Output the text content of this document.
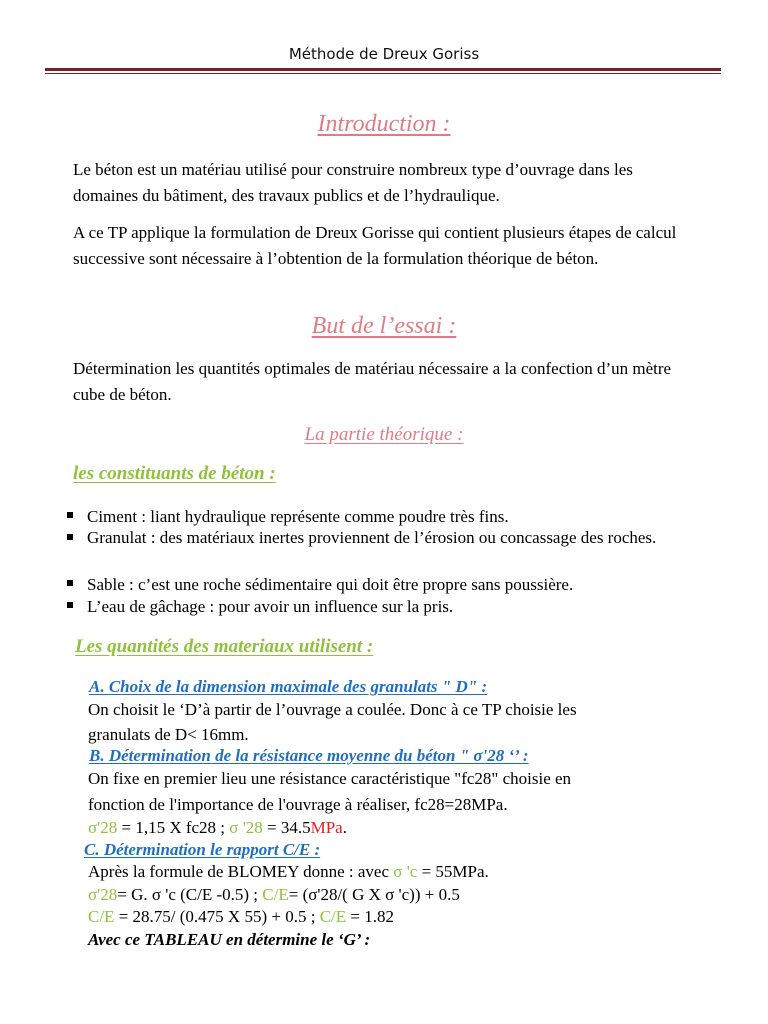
Méthode de Dreux Goriss
Introduction :
Le béton est un matériau utilisé pour construire nombreux type d’ouvrage dans les domaines du bâtiment, des travaux publics et de l’hydraulique.
A ce TP applique la formulation de Dreux Gorisse qui contient plusieurs étapes de calcul successive sont nécessaire à l’obtention de la formulation théorique de béton.
But de l’essai :
Détermination les quantités optimales de matériau nécessaire a la confection d’un mètre cube de béton.
La partie théorique :
les constituants de béton :
Ciment : liant hydraulique représente comme poudre très fins.
Granulat : des matériaux inertes proviennent de l’érosion ou concassage des roches.
Sable : c’est une roche sédimentaire qui doit être propre sans poussière.
L’eau de gâchage : pour avoir un influence sur la pris.
Les quantités des materiaux utilisent :
A. Choix de la dimension maximale des granulats " D" :
On choisit le ‘D’à partir de l’ouvrage a coulée. Donc à ce TP choisie les
granulats de D< 16mm.
B. Détermination de la résistance moyenne du béton " σ'28 ‘’ :
On fixe en premier lieu une résistance caractéristique "fc28" choisie en
fonction de l'importance de l'ouvrage à réaliser, fc28=28MPa.
σ'28 = 1,15 X fc28 ; σ '28 = 34.5MPa.
C. Détermination le rapport C/E :
Après la formule de BLOMEY donne : avec σ 'c = 55MPa.
σ'28= G. σ 'c (C/E -0.5) ; C/E= (σ'28/( G X σ 'c)) + 0.5
C/E = 28.75/ (0.475 X 55) + 0.5 ; C/E = 1.82
Avec ce TABLEAU en détermine le ‘G’ :
